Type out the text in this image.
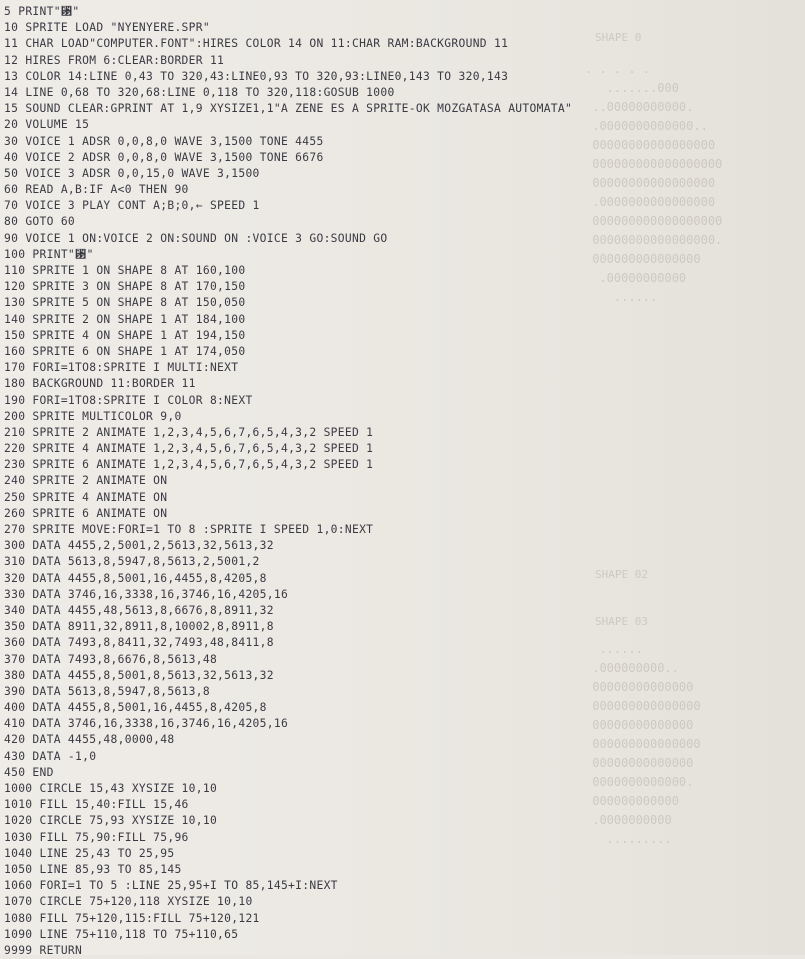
SHAPE 0

. . . . .
.......000
..00000000000.
.0000000000000..
00000000000000000
000000000000000000
00000000000000000
.0000000000000000
000000000000000000
00000000000000000.
000000000000000
.00000000000
......

SHAPE 02

SHAPE 03

......
.000000000..
00000000000000
000000000000000
00000000000000
000000000000000
00000000000000
0000000000000.
000000000000
.0000000000
.........

5 PRINT"␳"
10 SPRITE LOAD "NYENYERE.SPR"
11 CHAR LOAD"COMPUTER.FONT":HIRES COLOR 14 ON 11:CHAR RAM:BACKGROUND 11
12 HIRES FROM 6:CLEAR:BORDER 11
13 COLOR 14:LINE 0,43 TO 320,43:LINE0,93 TO 320,93:LINE0,143 TO 320,143
14 LINE 0,68 TO 320,68:LINE 0,118 TO 320,118:GOSUB 1000
15 SOUND CLEAR:GPRINT AT 1,9 XYSIZE1,1"A ZENE ES A SPRITE-OK MOZGATASA AUTOMATA"
20 VOLUME 15
30 VOICE 1 ADSR 0,0,8,0 WAVE 3,1500 TONE 4455
40 VOICE 2 ADSR 0,0,8,0 WAVE 3,1500 TONE 6676
50 VOICE 3 ADSR 0,0,15,0 WAVE 3,1500
60 READ A,B:IF A<0 THEN 90
70 VOICE 3 PLAY CONT A;B;0,← SPEED 1
80 GOTO 60
90 VOICE 1 ON:VOICE 2 ON:SOUND ON :VOICE 3 GO:SOUND GO
100 PRINT"␳"
110 SPRITE 1 ON SHAPE 8 AT 160,100
120 SPRITE 3 ON SHAPE 8 AT 170,150
130 SPRITE 5 ON SHAPE 8 AT 150,050
140 SPRITE 2 ON SHAPE 1 AT 184,100
150 SPRITE 4 ON SHAPE 1 AT 194,150
160 SPRITE 6 ON SHAPE 1 AT 174,050
170 FORI=1TO8:SPRITE I MULTI:NEXT
180 BACKGROUND 11:BORDER 11
190 FORI=1TO8:SPRITE I COLOR 8:NEXT
200 SPRITE MULTICOLOR 9,0
210 SPRITE 2 ANIMATE 1,2,3,4,5,6,7,6,5,4,3,2 SPEED 1
220 SPRITE 4 ANIMATE 1,2,3,4,5,6,7,6,5,4,3,2 SPEED 1
230 SPRITE 6 ANIMATE 1,2,3,4,5,6,7,6,5,4,3,2 SPEED 1
240 SPRITE 2 ANIMATE ON
250 SPRITE 4 ANIMATE ON
260 SPRITE 6 ANIMATE ON
270 SPRITE MOVE:FORI=1 TO 8 :SPRITE I SPEED 1,0:NEXT
300 DATA 4455,2,5001,2,5613,32,5613,32
310 DATA 5613,8,5947,8,5613,2,5001,2
320 DATA 4455,8,5001,16,4455,8,4205,8
330 DATA 3746,16,3338,16,3746,16,4205,16
340 DATA 4455,48,5613,8,6676,8,8911,32
350 DATA 8911,32,8911,8,10002,8,8911,8
360 DATA 7493,8,8411,32,7493,48,8411,8
370 DATA 7493,8,6676,8,5613,48
380 DATA 4455,8,5001,8,5613,32,5613,32
390 DATA 5613,8,5947,8,5613,8
400 DATA 4455,8,5001,16,4455,8,4205,8
410 DATA 3746,16,3338,16,3746,16,4205,16
420 DATA 4455,48,0000,48
430 DATA -1,0
450 END
1000 CIRCLE 15,43 XYSIZE 10,10
1010 FILL 15,40:FILL 15,46
1020 CIRCLE 75,93 XYSIZE 10,10
1030 FILL 75,90:FILL 75,96
1040 LINE 25,43 TO 25,95
1050 LINE 85,93 TO 85,145
1060 FORI=1 TO 5 :LINE 25,95+I TO 85,145+I:NEXT
1070 CIRCLE 75+120,118 XYSIZE 10,10
1080 FILL 75+120,115:FILL 75+120,121
1090 LINE 75+110,118 TO 75+110,65
9999 RETURN
